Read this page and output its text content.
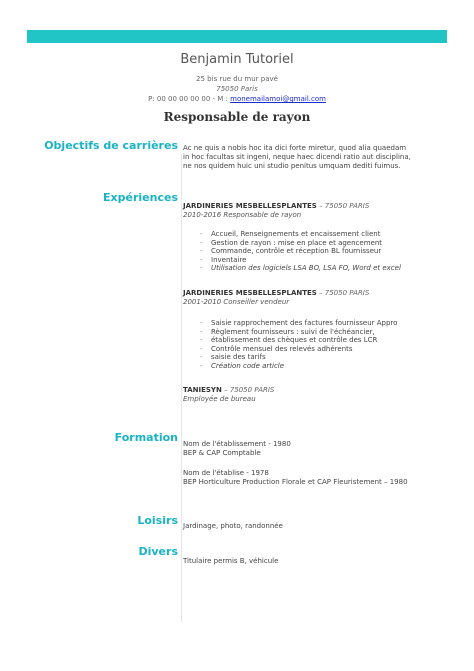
Benjamin Tutoriel
25 bis rue du mur pavé
75050 Paris
P: 00 00 00 00 00 - M : monemailamoi@gmail.com
Responsable de rayon
Objectifs de carrières Ac ne quis a nobis hoc ita dici forte miretur, quod alia quaedam
in hoc facultas sit ingeni, neque haec dicendi ratio aut disciplina,
ne nos quidem huic uni studio penitus umquam dediti fuimus.
Expériences
JARDINERIES MESBELLESPLANTES – 75050 PARIS
2010-2016 Responsable de rayon
- Accueil, Renseignements et encaissement client
- Gestion de rayon : mise en place et agencement
- Commande, contrôle et réception BL fournisseur
- Inventaire
- Utilisation des logiciels LSA BO, LSA FO, Word et excel
JARDINERIES MESBELLESPLANTES – 75050 PARIS
2001-2010 Conseiller vendeur
- Saisie rapprochement des factures fournisseur Appro
- Règlement fournisseurs : suivi de l'échéancier,
- établissement des chèques et contrôle des LCR
- Contrôle mensuel des relevés adhérents
- saisie des tarifs
- Création code article
TANIESYN – 75050 PARIS
Employée de bureau
Formation Nom de l'établissement - 1980
BEP & CAP Comptable
Nom de l'établise - 1978
BEP Horticulture Production Florale et CAP Fleuristement – 1980
Loisirs Jardinage, photo, randonnée
Divers
Titulaire permis B, véhicule
